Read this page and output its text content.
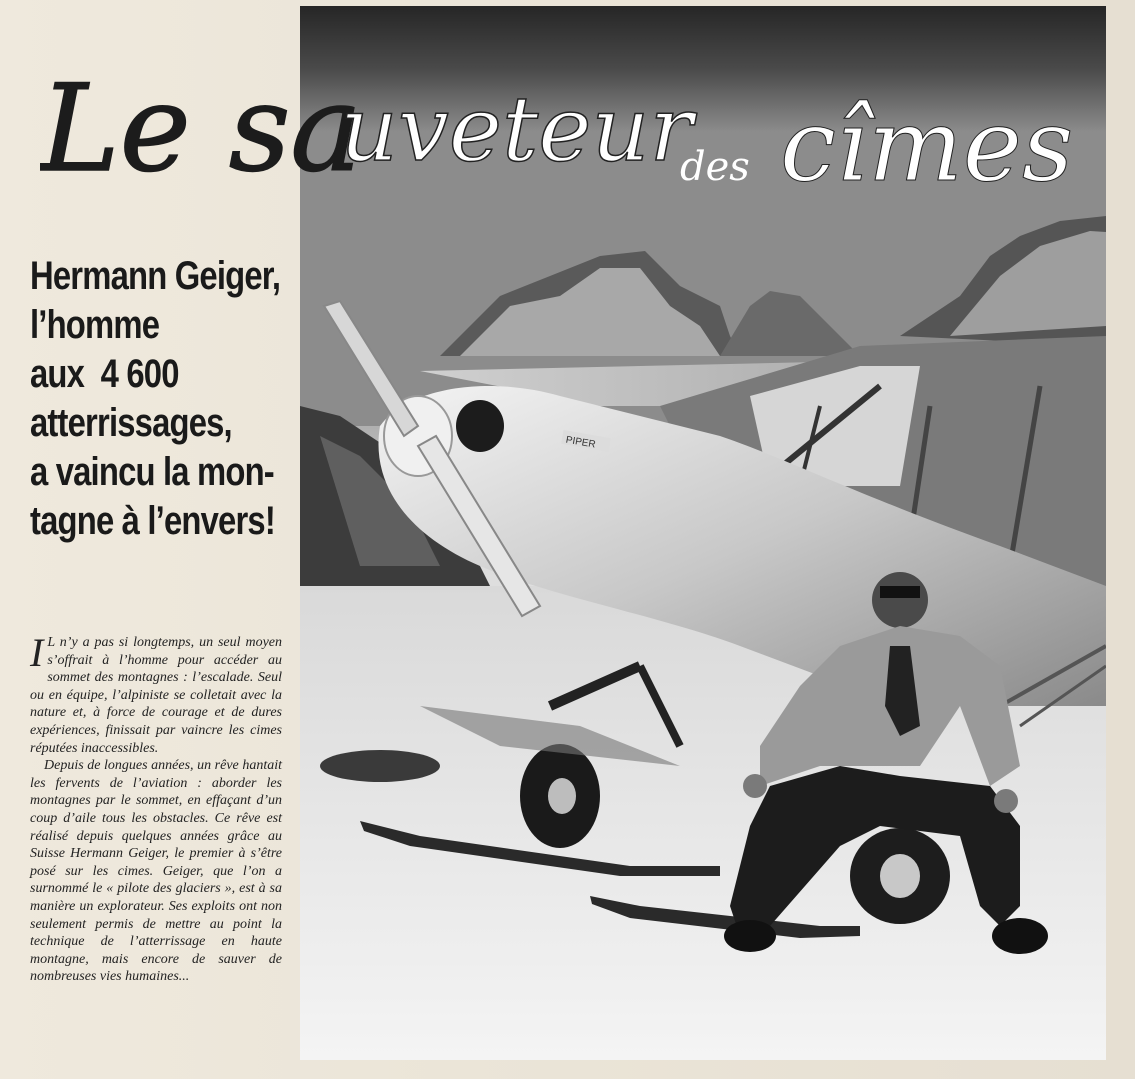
PIPER
Le sa
uveteur
des cîmes
Hermann Geiger,
l’homme
aux  4 600
atterrissages,
a vaincu la mon-
tagne à l’envers!

I L n’y a pas si longtemps, un seul moyen s’offrait à l’homme pour accéder au sommet des montagnes : l’escalade. Seul ou en équipe, l’alpiniste se colletait avec la nature et, à force de courage et de dures expériences, finissait par vaincre les cimes réputées inaccessibles.

Depuis de longues années, un rêve hantait les fervents de l’aviation : aborder les montagnes par le sommet, en effaçant d’un coup d’aile tous les obstacles. Ce rêve est réalisé depuis quelques années grâce au Suisse Hermann Geiger, le premier à s’être posé sur les cimes. Geiger, que l’on a surnommé le « pilote des glaciers », est à sa manière un explorateur. Ses exploits ont non seulement permis de mettre au point la technique de l’atterrissage en haute montagne, mais encore de sauver de nombreuses vies humaines...
